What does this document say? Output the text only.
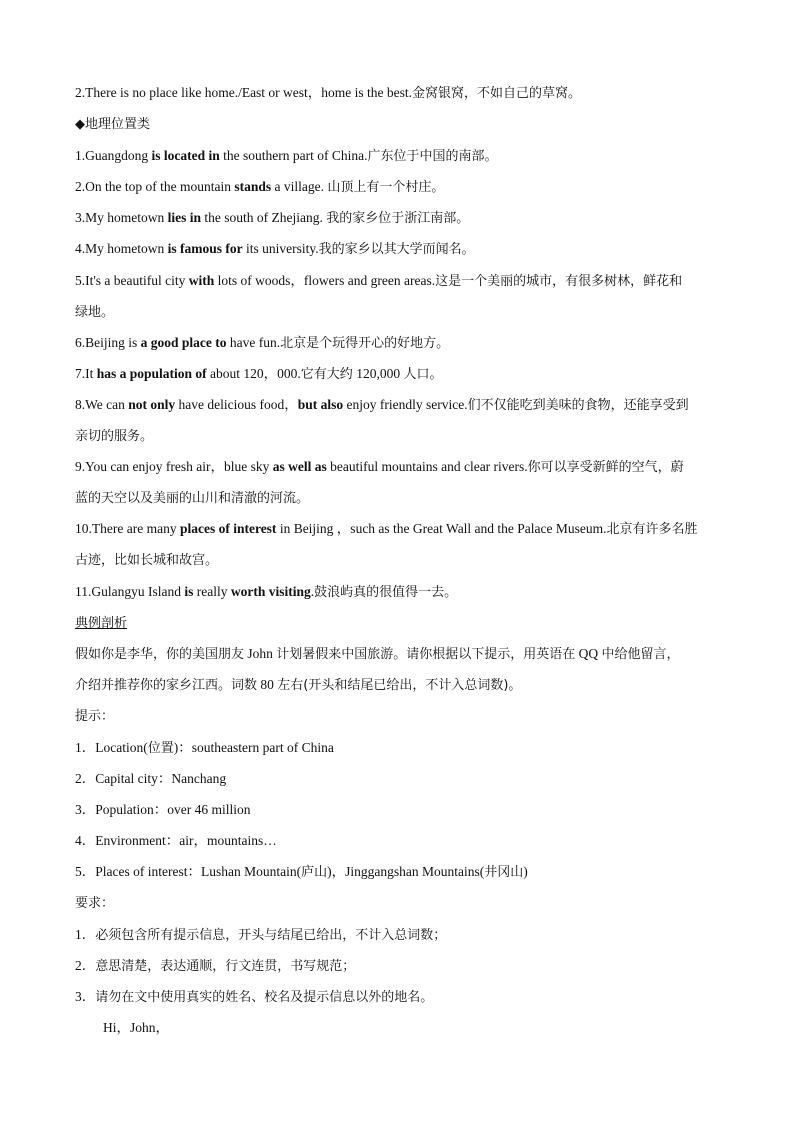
2.There is no place like home./East or west，home is the best.金窝银窝，不如自己的草窝。
◆地理位置类
1.Guangdong is located in the southern part of China.广东位于中国的南部。
2.On the top of the mountain stands a village. 山顶上有一个村庄。
3.My hometown lies in the south of Zhejiang. 我的家乡位于浙江南部。
4.My hometown is famous for its university.我的家乡以其大学而闻名。
5.It's a beautiful city with lots of woods，flowers and green areas.这是一个美丽的城市，有很多树林，鲜花和
绿地。
6.Beijing is a good place to have fun.北京是个玩得开心的好地方。
7.It has a population of about 120，000.它有大约 120,000 人口。
8.We can not only have delicious food，but also enjoy friendly service.们不仅能吃到美味的食物，还能享受到
亲切的服务。
9.You can enjoy fresh air，blue sky as well as beautiful mountains and clear rivers.你可以享受新鲜的空气，蔚
蓝的天空以及美丽的山川和清澈的河流。
10.There are many places of interest in Beijing ，such as the Great Wall and the Palace Museum.北京有许多名胜
古迹，比如长城和故宫。
11.Gulangyu Island is really worth visiting.鼓浪屿真的很值得一去。
典例剖析
假如你是李华，你的美国朋友 John 计划暑假来中国旅游。请你根据以下提示，用英语在 QQ 中给他留言，
介绍并推荐你的家乡江西。词数 80 左右(开头和结尾已给出，不计入总词数)。
提示：
1．Location(位置)：southeastern part of China
2．Capital city：Nanchang
3．Population：over 46 million
4．Environment：air，mountains…
5．Places of interest：Lushan Mountain(庐山)，Jinggangshan Mountains(井冈山)
要求：
1．必须包含所有提示信息，开头与结尾已给出，不计入总词数；
2．意思清楚，表达通顺，行文连贯，书写规范；
3．请勿在文中使用真实的姓名、校名及提示信息以外的地名。
Hi，John，
